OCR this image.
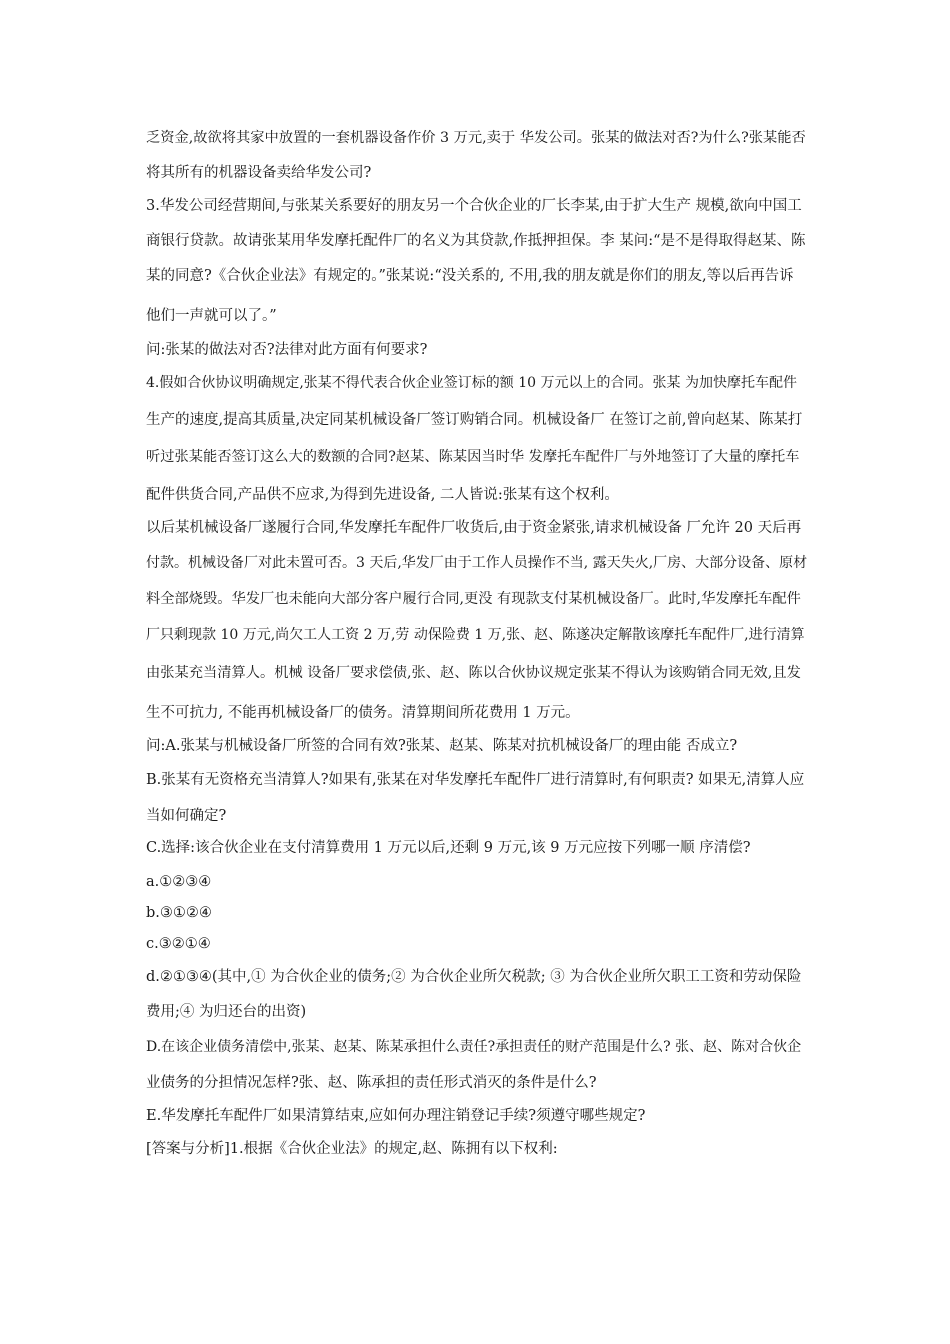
乏资金,故欲将其家中放置的一套机器设备作价 3 万元,卖于 华发公司。张某的做法对否?为什么?张某能否
将其所有的机器设备卖给华发公司?
3.华发公司经营期间,与张某关系要好的朋友另一个合伙企业的厂长李某,由于扩大生产 规模,欲向中国工
商银行贷款。故请张某用华发摩托配件厂的名义为其贷款,作抵押担保。李 某问:“是不是得取得赵某、陈
某的同意?《合伙企业法》有规定的。”张某说:“没关系的, 不用,我的朋友就是你们的朋友,等以后再告诉
他们一声就可以了。”
问:张某的做法对否?法律对此方面有何要求?
4.假如合伙协议明确规定,张某不得代表合伙企业签订标的额 10 万元以上的合同。张某 为加快摩托车配件
生产的速度,提高其质量,决定同某机械设备厂签订购销合同。机械设备厂 在签订之前,曾向赵某、陈某打
听过张某能否签订这么大的数额的合同?赵某、陈某因当时华 发摩托车配件厂与外地签订了大量的摩托车
配件供货合同,产品供不应求,为得到先进设备, 二人皆说:张某有这个权利。
以后某机械设备厂遂履行合同,华发摩托车配件厂收货后,由于资金紧张,请求机械设备 厂允许 20 天后再
付款。机械设备厂对此未置可否。3 天后,华发厂由于工作人员操作不当, 露天失火,厂房、大部分设备、原材
料全部烧毁。华发厂也未能向大部分客户履行合同,更没 有现款支付某机械设备厂。此时,华发摩托车配件
厂只剩现款 10 万元,尚欠工人工资 2 万,劳 动保险费 1 万,张、赵、陈遂决定解散该摩托车配件厂,进行清算
由张某充当清算人。机械 设备厂要求偿债,张、赵、陈以合伙协议规定张某不得认为该购销合同无效,且发
生不可抗力, 不能再机械设备厂的债务。清算期间所花费用 1 万元。
问:A.张某与机械设备厂所签的合同有效?张某、赵某、陈某对抗机械设备厂的理由能 否成立?
B.张某有无资格充当清算人?如果有,张某在对华发摩托车配件厂进行清算时,有何职责? 如果无,清算人应
当如何确定?
C.选择:该合伙企业在支付清算费用 1 万元以后,还剩 9 万元,该 9 万元应按下列哪一顺 序清偿?
a.①②③④
b.③①②④
c.③②①④
d.②①③④(其中,① 为合伙企业的债务;② 为合伙企业所欠税款; ③ 为合伙企业所欠职工工资和劳动保险
费用;④ 为归还台的出资)
D.在该企业债务清偿中,张某、赵某、陈某承担什么责任?承担责任的财产范围是什么? 张、赵、陈对合伙企
业债务的分担情况怎样?张、赵、陈承担的责任形式消灭的条件是什么?
E.华发摩托车配件厂如果清算结束,应如何办理注销登记手续?须遵守哪些规定?
[答案与分析]1.根据《合伙企业法》的规定,赵、陈拥有以下权利:
